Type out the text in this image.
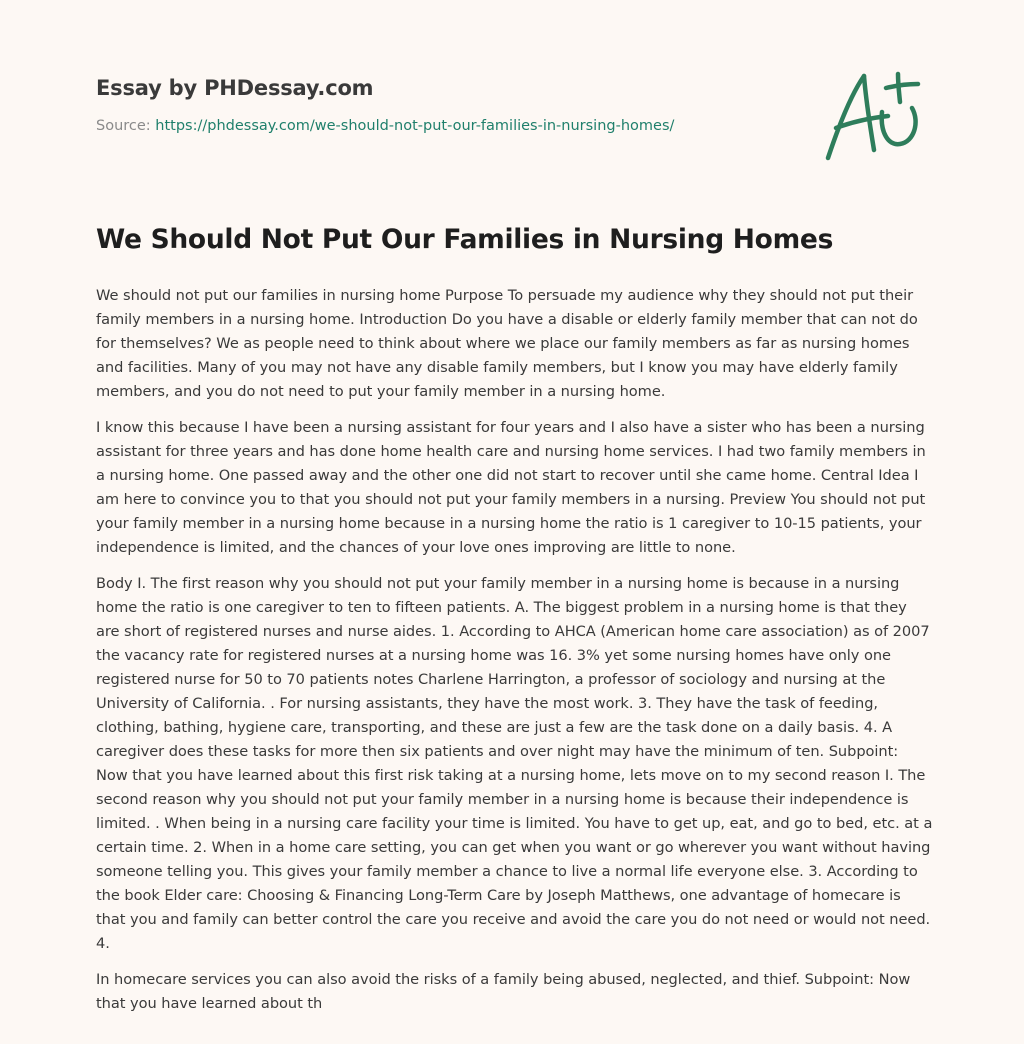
Essay by PHDessay.com
Source: https://phdessay.com/we-should-not-put-our-families-in-nursing-homes/
We Should Not Put Our Families in Nursing Homes

We should not put our families in nursing home Purpose To persuade my audience why they should not put their family members in a nursing home. Introduction Do you have a disable or elderly family member that can not do for themselves? We as people need to think about where we place our family members as far as nursing homes and facilities. Many of you may not have any disable family members, but I know you may have elderly family members, and you do not need to put your family member in a nursing home.

I know this because I have been a nursing assistant for four years and I also have a sister who has been a nursing assistant for three years and has done home health care and nursing home services. I had two family members in a nursing home. One passed away and the other one did not start to recover until she came home. Central Idea I am here to convince you to that you should not put your family members in a nursing. Preview You should not put your family member in a nursing home because in a nursing home the ratio is 1 caregiver to 10-15 patients, your independence is limited, and the chances of your love ones improving are little to none.

Body I. The first reason why you should not put your family member in a nursing home is because in a nursing home the ratio is one caregiver to ten to fifteen patients. A. The biggest problem in a nursing home is that they are short of registered nurses and nurse aides. 1. According to AHCA (American home care association) as of 2007 the vacancy rate for registered nurses at a nursing home was 16. 3% yet some nursing homes have only one registered nurse for 50 to 70 patients notes Charlene Harrington, a professor of sociology and nursing at the University of California. . For nursing assistants, they have the most work. 3. They have the task of feeding, clothing, bathing, hygiene care, transporting, and these are just a few are the task done on a daily basis. 4. A caregiver does these tasks for more then six patients and over night may have the minimum of ten. Subpoint: Now that you have learned about this first risk taking at a nursing home, lets move on to my second reason I. The second reason why you should not put your family member in a nursing home is because their independence is limited. . When being in a nursing care facility your time is limited. You have to get up, eat, and go to bed, etc. at a certain time. 2. When in a home care setting, you can get when you want or go wherever you want without having someone telling you. This gives your family member a chance to live a normal life everyone else. 3. According to the book Elder care: Choosing & Financing Long-Term Care by Joseph Matthews, one advantage of homecare is that you and family can better control the care you receive and avoid the care you do not need or would not need. 4.

In homecare services you can also avoid the risks of a family being abused, neglected, and thief. Subpoint: Now that you have learned about th
